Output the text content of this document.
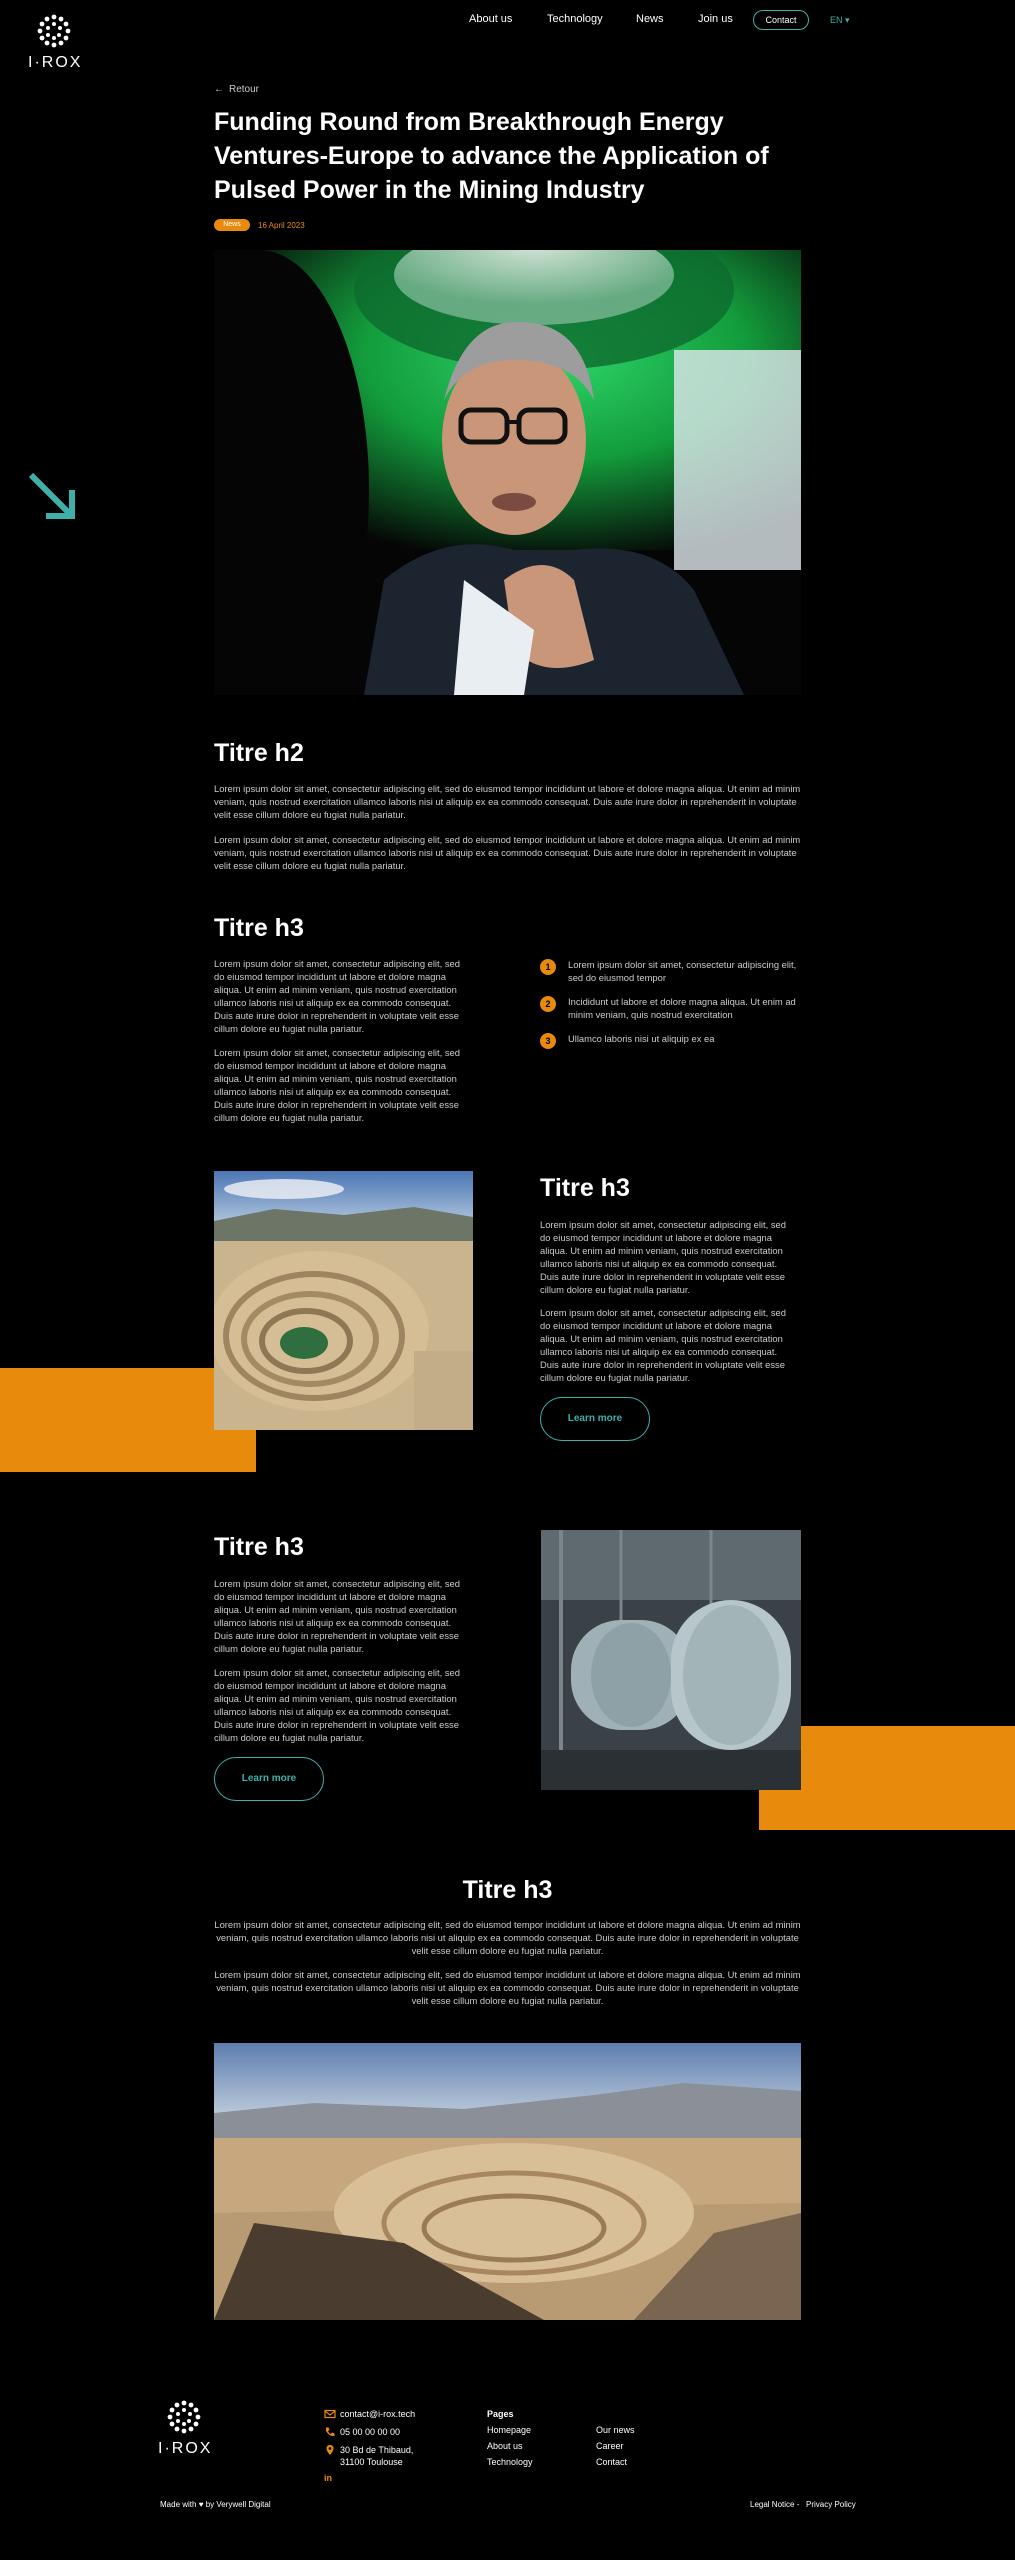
I·ROX
About us	Technology	News	Join us	Contact	EN ▾
← Retour
Funding Round from Breakthrough Energy Ventures-Europe to advance the Application of Pulsed Power in the Mining Industry
News	16 April 2023
Titre h2

Lorem ipsum dolor sit amet, consectetur adipiscing elit, sed do eiusmod tempor incididunt ut labore et dolore magna aliqua. Ut enim ad minim veniam, quis nostrud exercitation ullamco laboris nisi ut aliquip ex ea commodo consequat. Duis aute irure dolor in reprehenderit in voluptate velit esse cillum dolore eu fugiat nulla pariatur.

Lorem ipsum dolor sit amet, consectetur adipiscing elit, sed do eiusmod tempor incididunt ut labore et dolore magna aliqua. Ut enim ad minim veniam, quis nostrud exercitation ullamco laboris nisi ut aliquip ex ea commodo consequat. Duis aute irure dolor in reprehenderit in voluptate velit esse cillum dolore eu fugiat nulla pariatur.

Titre h3

Lorem ipsum dolor sit amet, consectetur adipiscing elit, sed do eiusmod tempor incididunt ut labore et dolore magna aliqua. Ut enim ad minim veniam, quis nostrud exercitation ullamco laboris nisi ut aliquip ex ea commodo consequat. Duis aute irure dolor in reprehenderit in voluptate velit esse cillum dolore eu fugiat nulla pariatur.

Lorem ipsum dolor sit amet, consectetur adipiscing elit, sed do eiusmod tempor incididunt ut labore et dolore magna aliqua. Ut enim ad minim veniam, quis nostrud exercitation ullamco laboris nisi ut aliquip ex ea commodo consequat. Duis aute irure dolor in reprehenderit in voluptate velit esse cillum dolore eu fugiat nulla pariatur.

1	Lorem ipsum dolor sit amet, consectetur adipiscing elit, sed do eiusmod tempor
2	Incididunt ut labore et dolore magna aliqua. Ut enim ad minim veniam, quis nostrud exercitation
3	Ullamco laboris nisi ut aliquip ex ea
Titre h3

Lorem ipsum dolor sit amet, consectetur adipiscing elit, sed do eiusmod tempor incididunt ut labore et dolore magna aliqua. Ut enim ad minim veniam, quis nostrud exercitation ullamco laboris nisi ut aliquip ex ea commodo consequat. Duis aute irure dolor in reprehenderit in voluptate velit esse cillum dolore eu fugiat nulla pariatur.

Lorem ipsum dolor sit amet, consectetur adipiscing elit, sed do eiusmod tempor incididunt ut labore et dolore magna aliqua. Ut enim ad minim veniam, quis nostrud exercitation ullamco laboris nisi ut aliquip ex ea commodo consequat. Duis aute irure dolor in reprehenderit in voluptate velit esse cillum dolore eu fugiat nulla pariatur.

Learn more
Titre h3

Lorem ipsum dolor sit amet, consectetur adipiscing elit, sed do eiusmod tempor incididunt ut labore et dolore magna aliqua. Ut enim ad minim veniam, quis nostrud exercitation ullamco laboris nisi ut aliquip ex ea commodo consequat. Duis aute irure dolor in reprehenderit in voluptate velit esse cillum dolore eu fugiat nulla pariatur.

Lorem ipsum dolor sit amet, consectetur adipiscing elit, sed do eiusmod tempor incididunt ut labore et dolore magna aliqua. Ut enim ad minim veniam, quis nostrud exercitation ullamco laboris nisi ut aliquip ex ea commodo consequat. Duis aute irure dolor in reprehenderit in voluptate velit esse cillum dolore eu fugiat nulla pariatur.

Learn more
Titre h3

Lorem ipsum dolor sit amet, consectetur adipiscing elit, sed do eiusmod tempor incididunt ut labore et dolore magna aliqua. Ut enim ad minim veniam, quis nostrud exercitation ullamco laboris nisi ut aliquip ex ea commodo consequat. Duis aute irure dolor in reprehenderit in voluptate velit esse cillum dolore eu fugiat nulla pariatur.

Lorem ipsum dolor sit amet, consectetur adipiscing elit, sed do eiusmod tempor incididunt ut labore et dolore magna aliqua. Ut enim ad minim veniam, quis nostrud exercitation ullamco laboris nisi ut aliquip ex ea commodo consequat. Duis aute irure dolor in reprehenderit in voluptate velit esse cillum dolore eu fugiat nulla pariatur.

I·ROX
contact@i-rox.tech
05 00 00 00 00
30 Bd de Thibaud,
31100 Toulouse
in
Pages
Homepage
About us
Technology
Our news
Career
Contact
Made with ♥ by Verywell Digital	Legal Notice - Privacy Policy
